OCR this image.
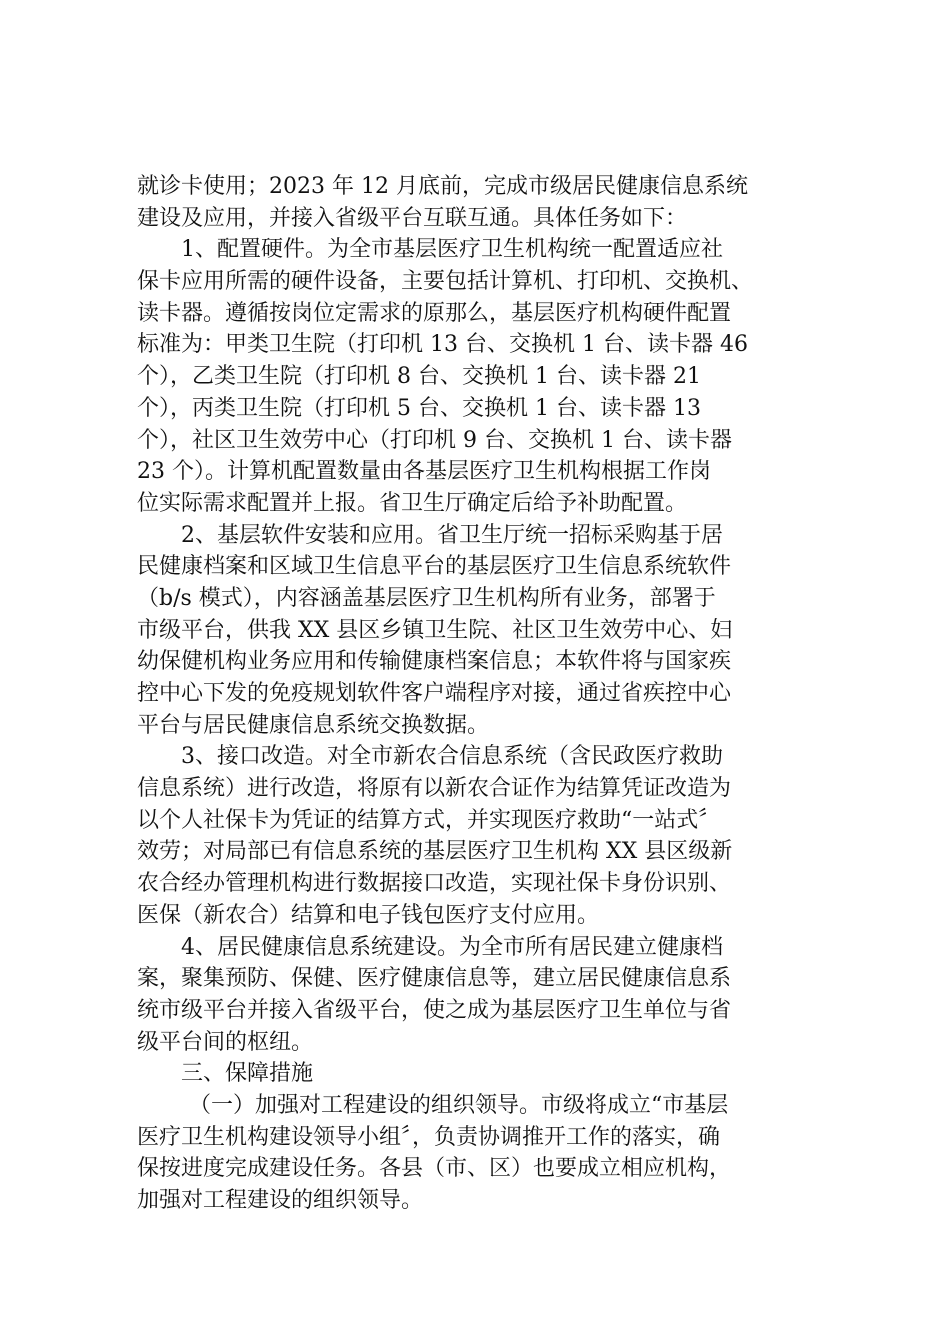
就诊卡使用；2023 年 12 月底前，完成市级居民健康信息系统
建设及应用，并接入省级平台互联互通。具体任务如下：
1、配置硬件。为全市基层医疗卫生机构统一配置适应社
保卡应用所需的硬件设备，主要包括计算机、打印机、交换机、
读卡器。遵循按岗位定需求的原那么，基层医疗机构硬件配置
标准为：甲类卫生院（打印机 13 台、交换机 1 台、读卡器 46
个），乙类卫生院（打印机 8 台、交换机 1 台、读卡器 21
个），丙类卫生院（打印机 5 台、交换机 1 台、读卡器 13
个），社区卫生效劳中心（打印机 9 台、交换机 1 台、读卡器
23 个）。计算机配置数量由各基层医疗卫生机构根据工作岗
位实际需求配置并上报。省卫生厅确定后给予补助配置。
2、基层软件安装和应用。省卫生厅统一招标采购基于居
民健康档案和区域卫生信息平台的基层医疗卫生信息系统软件
（b/s 模式），内容涵盖基层医疗卫生机构所有业务，部署于
市级平台，供我 XX 县区乡镇卫生院、社区卫生效劳中心、妇
幼保健机构业务应用和传输健康档案信息；本软件将与国家疾
控中心下发的免疫规划软件客户端程序对接，通过省疾控中心
平台与居民健康信息系统交换数据。
3、接口改造。对全市新农合信息系统（含民政医疗救助
信息系统）进行改造，将原有以新农合证作为结算凭证改造为
以个人社保卡为凭证的结算方式，并实现医疗救助“一站式〞
效劳；对局部已有信息系统的基层医疗卫生机构 XX 县区级新
农合经办管理机构进行数据接口改造，实现社保卡身份识别、
医保（新农合）结算和电子钱包医疗支付应用。
4、居民健康信息系统建设。为全市所有居民建立健康档
案，聚集预防、保健、医疗健康信息等，建立居民健康信息系
统市级平台并接入省级平台，使之成为基层医疗卫生单位与省
级平台间的枢纽。
三、保障措施
（一）加强对工程建设的组织领导。市级将成立“市基层
医疗卫生机构建设领导小组〞，负责协调推开工作的落实，确
保按进度完成建设任务。各县（市、区）也要成立相应机构，
加强对工程建设的组织领导。
